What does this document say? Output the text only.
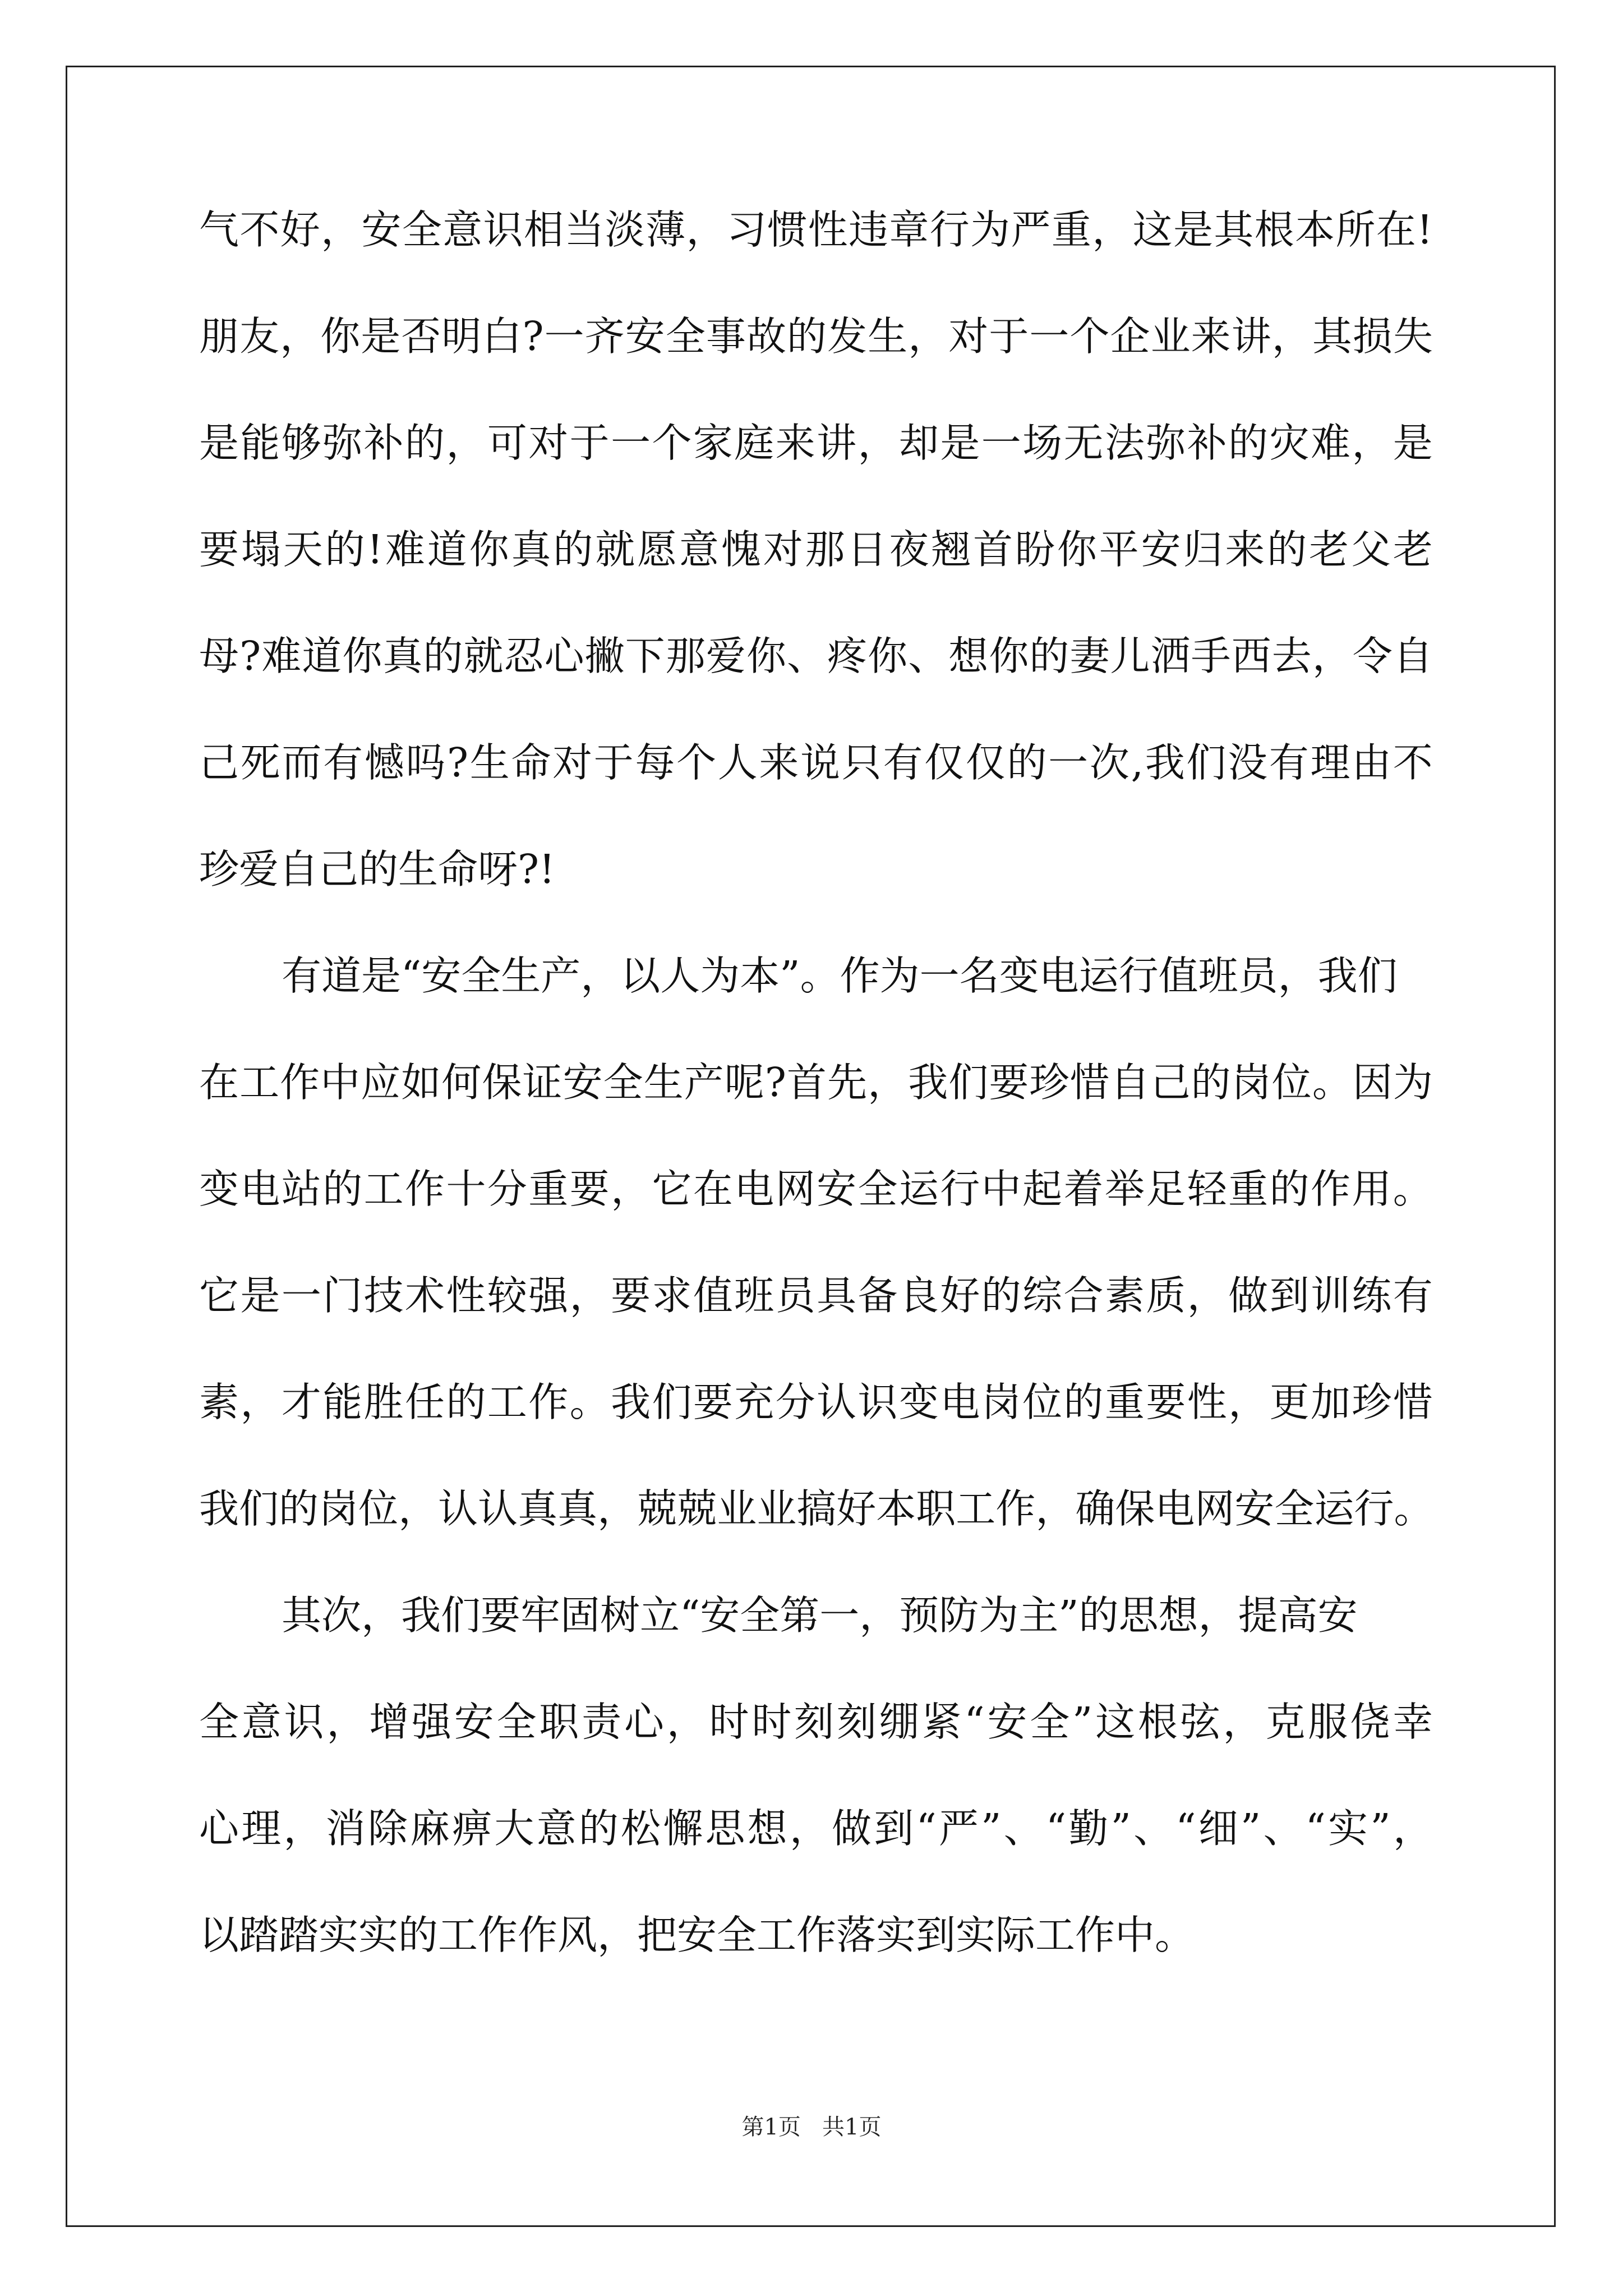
气 不 好 ， 安 全 意 识 相 当 淡 薄 ， 习 惯 性 违 章 行 为 严 重 ， 这 是 其 根 本 所 在 !
朋 友 ， 你 是 否 明 白 ? 一 齐 安 全 事 故 的 发 生 ， 对 于 一 个 企 业 来 讲 ， 其 损 失
是 能 够 弥 补 的 ， 可 对 于 一 个 家 庭 来 讲 ， 却 是 一 场 无 法 弥 补 的 灾 难 ， 是
要 塌 天 的 ! 难 道 你 真 的 就 愿 意 愧 对 那 日 夜 翘 首 盼 你 平 安 归 来 的 老 父 老
母 ? 难 道 你 真 的 就 忍 心 撇 下 那 爱 你 、 疼 你 、 想 你 的 妻 儿 洒 手 西 去 ， 令 自
己 死 而 有 憾 吗 ? 生 命 对 于 每 个 人 来 说 只 有 仅 仅 的 一 次 , 我 们 没 有 理 由 不
珍爱自己的生命呀?!
有道是“安全生产，以人为本”。作为一名变电运行值班员，我们
在 工 作 中 应 如 何 保 证 安 全 生 产 呢 ? 首 先 ， 我 们 要 珍 惜 自 己 的 岗 位 。 因 为
变 电 站 的 工 作 十 分 重 要 ， 它 在 电 网 安 全 运 行 中 起 着 举 足 轻 重 的 作 用 。
它 是 一 门 技 术 性 较 强 ， 要 求 值 班 员 具 备 良 好 的 综 合 素 质 ， 做 到 训 练 有
素 ， 才 能 胜 任 的 工 作 。 我 们 要 充 分 认 识 变 电 岗 位 的 重 要 性 ， 更 加 珍 惜
我 们 的 岗 位 ， 认 认 真 真 ， 兢 兢 业 业 搞 好 本 职 工 作 ， 确 保 电 网 安 全 运 行 。
其次，我们要牢固树立“安全第一，预防为主”的思想，提高安
全 意 识 ， 增 强 安 全 职 责 心 ， 时 时 刻 刻 绷 紧 “ 安 全 ” 这 根 弦 ， 克 服 侥 幸
心 理 ， 消 除 麻 痹 大 意 的 松 懈 思 想 ， 做 到 “ 严 ” 、 “ 勤 ” 、 “ 细 ” 、 “ 实 ” ，
以踏踏实实的工作作风，把安全工作落实到实际工作中。
第1页   共1页
